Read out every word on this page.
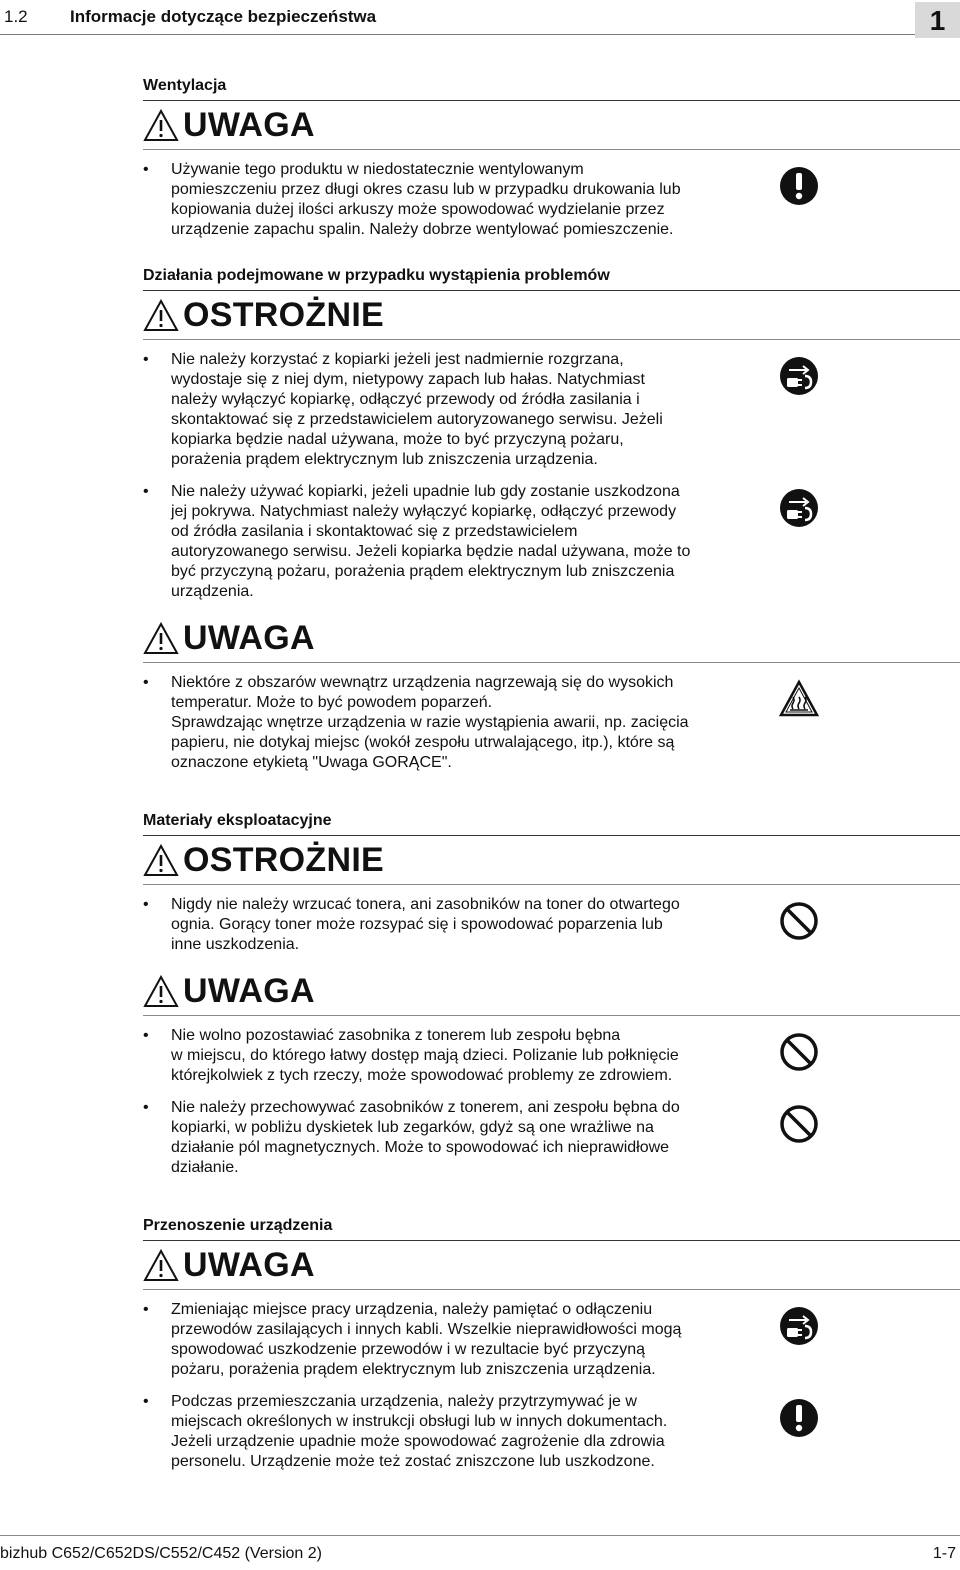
1.2 Informacje dotyczące bezpieczeństwa	1
Wentylacja
UWAGA
• Używanie tego produktu w niedostatecznie wentylowanym
pomieszczeniu przez długi okres czasu lub w przypadku drukowania lub
kopiowania dużej ilości arkuszy może spowodować wydzielanie przez
urządzenie zapachu spalin. Należy dobrze wentylować pomieszczenie.
Działania podejmowane w przypadku wystąpienia problemów
OSTROŻNIE
• Nie należy korzystać z kopiarki jeżeli jest nadmiernie rozgrzana,
wydostaje się z niej dym, nietypowy zapach lub hałas. Natychmiast
należy wyłączyć kopiarkę, odłączyć przewody od źródła zasilania i
skontaktować się z przedstawicielem autoryzowanego serwisu. Jeżeli
kopiarka będzie nadal używana, może to być przyczyną pożaru,
porażenia prądem elektrycznym lub zniszczenia urządzenia.
• Nie należy używać kopiarki, jeżeli upadnie lub gdy zostanie uszkodzona
jej pokrywa. Natychmiast należy wyłączyć kopiarkę, odłączyć przewody
od źródła zasilania i skontaktować się z przedstawicielem
autoryzowanego serwisu. Jeżeli kopiarka będzie nadal używana, może to
być przyczyną pożaru, porażenia prądem elektrycznym lub zniszczenia
urządzenia.
UWAGA
• Niektóre z obszarów wewnątrz urządzenia nagrzewają się do wysokich
temperatur. Może to być powodem poparzeń.
Sprawdzając wnętrze urządzenia w razie wystąpienia awarii, np. zacięcia
papieru, nie dotykaj miejsc (wokół zespołu utrwalającego, itp.), które są
oznaczone etykietą "Uwaga GORĄCE".
Materiały eksploatacyjne
OSTROŻNIE
• Nigdy nie należy wrzucać tonera, ani zasobników na toner do otwartego
ognia. Gorący toner może rozsypać się i spowodować poparzenia lub
inne uszkodzenia.
UWAGA
• Nie wolno pozostawiać zasobnika z tonerem lub zespołu bębna
w miejscu, do którego łatwy dostęp mają dzieci. Polizanie lub połknięcie
którejkolwiek z tych rzeczy, może spowodować problemy ze zdrowiem.
• Nie należy przechowywać zasobników z tonerem, ani zespołu bębna do
kopiarki, w pobliżu dyskietek lub zegarków, gdyż są one wrażliwe na
działanie pól magnetycznych. Może to spowodować ich nieprawidłowe
działanie.
Przenoszenie urządzenia
UWAGA
• Zmieniając miejsce pracy urządzenia, należy pamiętać o odłączeniu
przewodów zasilających i innych kabli. Wszelkie nieprawidłowości mogą
spowodować uszkodzenie przewodów i w rezultacie być przyczyną
pożaru, porażenia prądem elektrycznym lub zniszczenia urządzenia.
• Podczas przemieszczania urządzenia, należy przytrzymywać je w
miejscach określonych w instrukcji obsługi lub w innych dokumentach.
Jeżeli urządzenie upadnie może spowodować zagrożenie dla zdrowia
personelu. Urządzenie może też zostać zniszczone lub uszkodzone.
bizhub C652/C652DS/C552/C452 (Version 2)	1-7
